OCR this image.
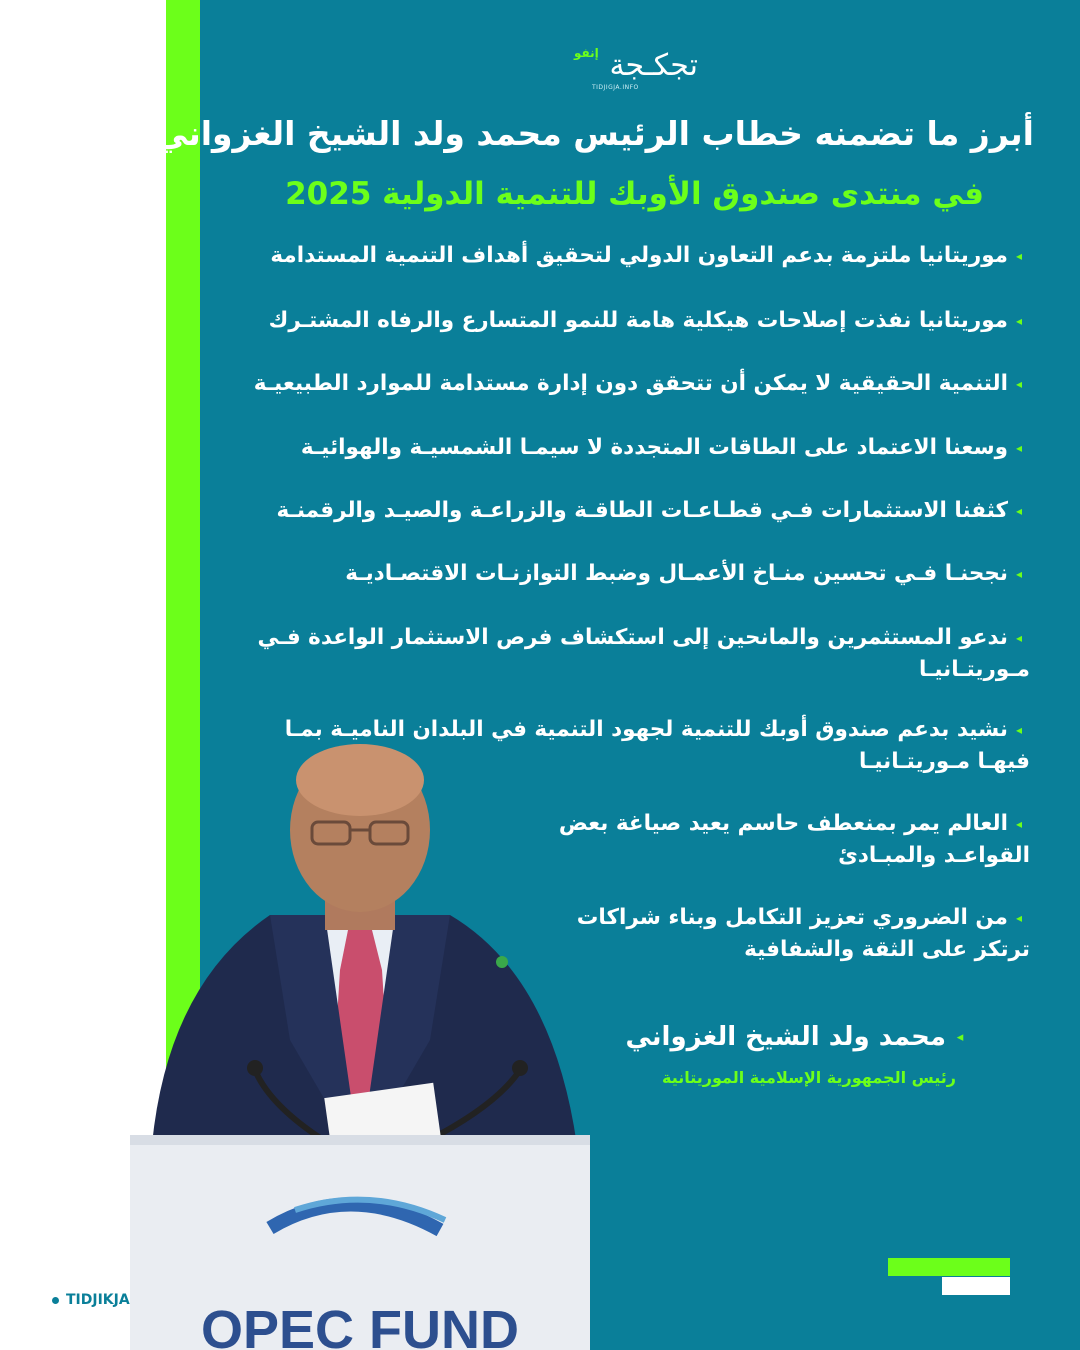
OPEC FUND
تجكـجة
إنفو
TIDJIGJA.INFO
أبرز ما تضمنه خطاب الرئيس محمد ولد الشيخ الغزواني
في منتدى صندوق الأوبك للتنمية الدولية 2025
◂موريتانيا ملتزمة بدعم التعاون الدولي لتحقيق أهداف التنمية المستدامة
◂موريتانيا نفذت إصلاحات هيكلية هامة للنمو المتسارع والرفاه المشتـرك
◂التنمية الحقيقية لا يمكن أن تتحقق دون إدارة مستدامة للموارد الطبيعيـة
◂وسعنا الاعتماد على الطاقات المتجددة لا سيمـا الشمسيـة والهوائيـة
◂كثفنا الاستثمارات فـي قطـاعـات الطاقـة والزراعـة والصيـد والرقمنـة
◂نجحنـا فـي تحسين منـاخ الأعمـال وضبط التوازنـات الاقتصـاديـة
◂ندعو المستثمرين والمانحين إلى استكشاف فرص الاستثمار الواعدة فـي مـوريتـانيـا
◂نشيد بدعم صندوق أوبك للتنمية لجهود التنمية في البلدان الناميـة بمـا فيهـا مـوريتـانيـا
◂العالم يمر بمنعطف حاسم يعيد صياغة بعض القواعـد والمبـادئ
◂من الضروري تعزيز التكامل وبناء شراكات ترتكز على الثقة والشفافية
◂محمد ولد الشيخ الغزواني
رئيس الجمهورية الإسلامية الموريتانية
TIDJIKJA
